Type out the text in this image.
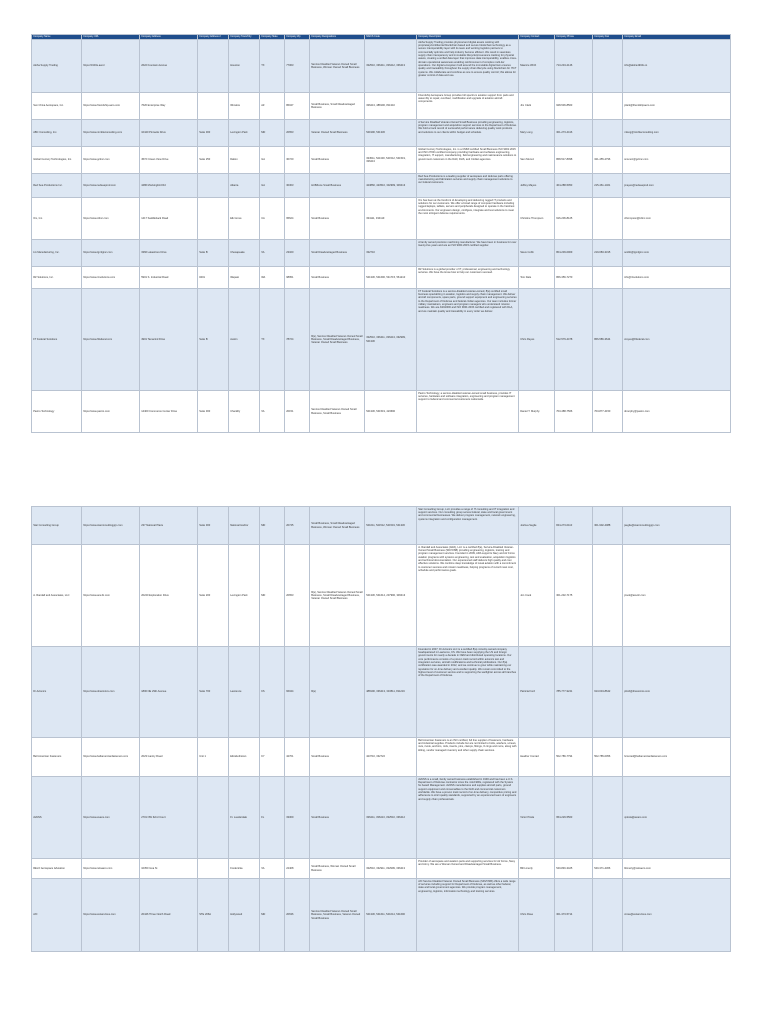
Company Name	Company URL	Company Address	Company Address 2	Company Town/City	Company State	Company Zip	Company Designations	NAICS Code	Company Description	Company Contact	Company Phone	Company Fax	Company Email
Aloha Supply Trading	https://1904s.aero/	2622 Fountain Avenue		Houston	TX	77063	Service Disabled Veteran Owned Small Business, Woman Owned Small Business	332510, 336411, 336412, 336413	Aloha Supply Trading provides physical and digital assets working with proprietary/confidential blockchain based and secure blockchain technology as a secure interoperability layer with its team and working logistics partners to commercially optimize and help industry become efficient. We result in seamless supply chain transparency and immutable lifecycle/provenance tracking for physical assets, creating a unified data layer that improves data interoperability, enables cross-domain operational awareness enabling reinforcement of complex multi-tier operations. Our digital ecosystem built around the immutable digital twin ensures quality and traceability throughout the supply chain lifecycle using blockchain for ITCT systems. We collaborate and combine as one to ensure quality control; this allows for greater control of data and use.	Maurice Wirth	713-234-2146		info@aloha1904s.io
Sun Chiva Aerospace, Inc.	https://www.friendship-aero.com	7620 Enterprise Way		Winslow	AZ	86047	Small Business, Small Disadvantaged Business	336413, 488190, 811310	Friendship Aerospace Group provides full spectrum aviation support from parts and assembly to repair, overhaul, modification and upgrade of aviation aircraft components.	Jim Clark	928-536-8563		jclark@friendshipaero.com
ABC Consulting, Inc.	https://www.nimbleconsulting.com	10440 Pinnacle Drive	Suite 300	Lexington Park	MD	20653	Veteran Owned Small Business	541990, 541330	A Service Disabled Veteran-Owned Small Business providing engineering, logistics, program management and acquisition support services to the Department of Defense. We hold a track record of successful performance delivering quality work products and solutions to our clients within budget and schedule.	Mary Long	301-273-4416		mlong@nimbleconsulting.com
Global Century Technologies, Inc.	https://www.gctinc.com	4572 Ocean View Drive	Suite 250	Dalton	GA	30720	Small Business	334511, 541330, 541512, 541519, 336413	Global Century Technologies, Inc. is a CMMI certified Small Business ISO 9001:2015 and ISO 27001 certified company providing hardware and software engineering, integration, IT support, manufacturing, field engineering and maintenance solutions to government customers in the DoD, DHS, and Civilian agencies.	Sam Munoz	868-517-8098	321-455-2796	smunoz@gctinc.com
Red Sea Productions Inc.	https://www.redseaprod.com	4486 Mockingbird Rd		Atlanta	GA	30303	HUBZone Small Business	423860, 423510, 332999, 336413	Red Sea Productions is a leading supplier of aerospace and defense parts offering manufacturing and fabrication services and supply chain management solutions to our federal customers.	Jeffrey Mayes	404-288-5053	215-461-1461	jmayes@redseaprod.com
ICL, Inc.	https://www.iclinc.com	1417 Saddleback Road		Elk Grove	CA	95624	Small Business	334111, 334119	ICL has been at the forefront of developing and delivering rugged IT products and solutions for our customers. We offer a broad range of computer hardware including rugged laptops, tablets, servers and peripherals designed to operate in the harshest environments. Our engineers design, configure, integrate and test solutions to meet the most stringent defense requirements.	Christine Thompson	916-206-8125		cthompson@iclinc.com
LG Manufacturing, Inc.	https://www.lgmfginc.com	3366 Lakeshore Drive	Suite B	Chesapeake	VA	23320	Small Disadvantaged Business	332710	A family owned precision machining manufacturer. We have been in business for over twenty-five years and are an ISO 9001:2015 certified supplier.	Steve Cobb	804-239-0909	219-683-3315	scobb@lgmfginc.com
RZ Solutions, Inc.	https://www.rzsolutions.com	5901 S. Industrial Road	#401	Wapato	WA	98951	Small Business	541330, 541690, 541715, 561210	RZ Solutions is a global provider of IT, professional, engineering and technology services. We have the know-how to help our customers succeed.	Tom Dale	866-356-7270		info@rzsolutions.com
FT Federal Solutions	https://www.ftfederal.com	4901 Tamarind Drive	Suite B	Austin	TX	78724	8(a), Service Disabled Veteran Owned Small Business, Small Disadvantaged Business, Veteran Owned Small Business	332510, 336411, 336413, 332999, 541330	FT Federal Solutions is a service-disabled veteran-owned, 8(a) certified small business specializing in aviation, logistics and supply chain management. We deliver aircraft components, spare parts, ground support equipment and engineering services to the Department of Defense and federal civilian agencies. Our team includes former military maintainers, engineers and program managers who understand mission readiness. We are AS9100D and ISO 9001:2015 certified and registered with DLA, and we maintain quality and traceability in every order we deliver.	Chris Reyes	512-579-4478	866-586-3644	creyes@ftfederal.com
Paxiro Technology	https://www.paxiro.com	14400 Commerce Center Drive	Suite 300	Chantilly	VA	20151	Service Disabled Veteran Owned Small Business, Small Business	541330, 541519, 423690	Paxiro Technology, a service-disabled veteran-owned small business, provides IT services, hardware and software integration, engineering and program management support to federal and commercial customers nationwide.	Daniel T. Murphy	703-488-7566	703-877-4150	dmurphy@paxiro.com
Star Consulting Group	https://www.starconsultinggrp.com	237 National Plaza	Suite 300	National Harbor	MD	20745	Small Business, Small Disadvantaged Business, Woman Owned Small Business	541611, 541512, 541519, 541330	Star Consulting Group, LLC provides a range of IT consulting and IT integration and support services. Our consulting group serves federal, state and local government and commercial businesses. We deliver program management, network engineering, systems integration and configuration management.	Joshua Seglie	844-273-0110	301-902-4088	jseglie@starconsultinggrp.com
A. Randall and Associates, LLC	https://www.ara-llc.com	20240 Exploration Drive	Suite 200	Lexington Park	MD	20653	8(a), Service Disabled Veteran Owned Small Business, Small Disadvantaged Business, Veteran Owned Small Business	541330, 541614, 237990, 336413	A. Randall and Associates (ARA), LLC is a certified 8(a), Service-Disabled Veteran-Owned Small Business (SDVOSB) providing engineering, logistics, training and program management services. Founded in 2009, ARA supports Navy and Air Force aviation programs with systems engineering, test and evaluation, acquisition logistics and technical documentation. Our experienced staff delivers high quality and cost effective solutions. We combine deep knowledge of naval aviation with a commitment to customer success and mission readiness, helping programs of record meet cost, schedule and performance goals.	Jon Cook	301-232-7175		jcook@ara-llc.com
Dr Avionics	https://www.dravionics.com	1800 NE 29th Avenue	Suite 700	Lawrence	KS	66044	8(a)	488190, 336413, 334511, 811219	Founded in 2007, Dr Avionics LLC is a certified 8(a) minority-owned company headquartered in Lawrence, KS. We have been supplying the US and foreign governments for nearly a decade in OEM and distributed operating locations. Our core performance consists of a proven track record within avionics test and integration services, aircraft modifications and technical publications. Our 8(a) certification was awarded in 2012, and we continue to grow while maintaining our reputation for on-time delivery and excellent quality. We remain committed to the highest level of customer service and to supporting the warfighter across all branches of the Department of Defense.	Patricia Ford	785-777-9241	913-634-8642	pford@dravionics.com
Bell American Fasteners	https://www.bellamericanfasteners.com	2023 Gantry Road	Unit 1	Elizabethtown	KY	42701	Small Business	423710, 332722	Bell American Fasteners is an ISO certified, full line supplier of fasteners, hardware and industrial supplies. Products include but are not limited to bolts, washers, screws, nuts, rivets, anchors, rods, inserts, pins, clamps, fittings, O-rings and more, along with kitting, vendor managed inventory and other supply chain services.	Heather Conrad	502-786-7794	502-785-0056	hconrad@bellamericanfasteners.com
AVANS	https://www.avans.com	2701 NW 62nd Court		Ft. Lauderdale	FL	33309	Small Business	336411, 336413, 332510, 336412	AVANS is a small, family owned business established in 1993 and has been a U.S. Department of Defense contractor since the mid-1990s, registered with the System for Award Management. AVANS manufactures and supplies aircraft parts, ground support equipment and consumables to the DoD and commercial customers worldwide. We have a proven track record of on-time delivery, competitive pricing and adherence to strict quality standards, supported by an experienced team of engineers and supply chain professionals.	Victor Pirela	954-229-5563		vpirela@avans.com
RELO Aerospace &Aviation	https://www.reloaero.com	10350 Iona St		Fredericka	VA	22408	Small Business, Woman Owned Small Business	332510, 332911, 332999, 336413	Provider of aerospace and aviation parts and supporting services for Air Force, Navy and Army. We are a Woman Owned and Disadvantaged Small Business.	Bill Limerly	540-846-3425	540-371-4366	blimerly@reloaero.com
AXI	https://www.axiservices.com	20446 Three Notch Road	STE 206A	Hollywood	MD	20636	Service Disabled Veteran Owned Small Business, Small Business, Veteran Owned Small Business	541330, 541611, 541614, 541690	AXI Service Disabled Veteran Owned Small Business (SDVOSB) offers a wide range of services including support for Department of Defense, as well as other federal, state and local government agencies. We provide program management, engineering, logistics, information technology and training services.	Chris Rose	301-373-5714		crose@axiservices.com
